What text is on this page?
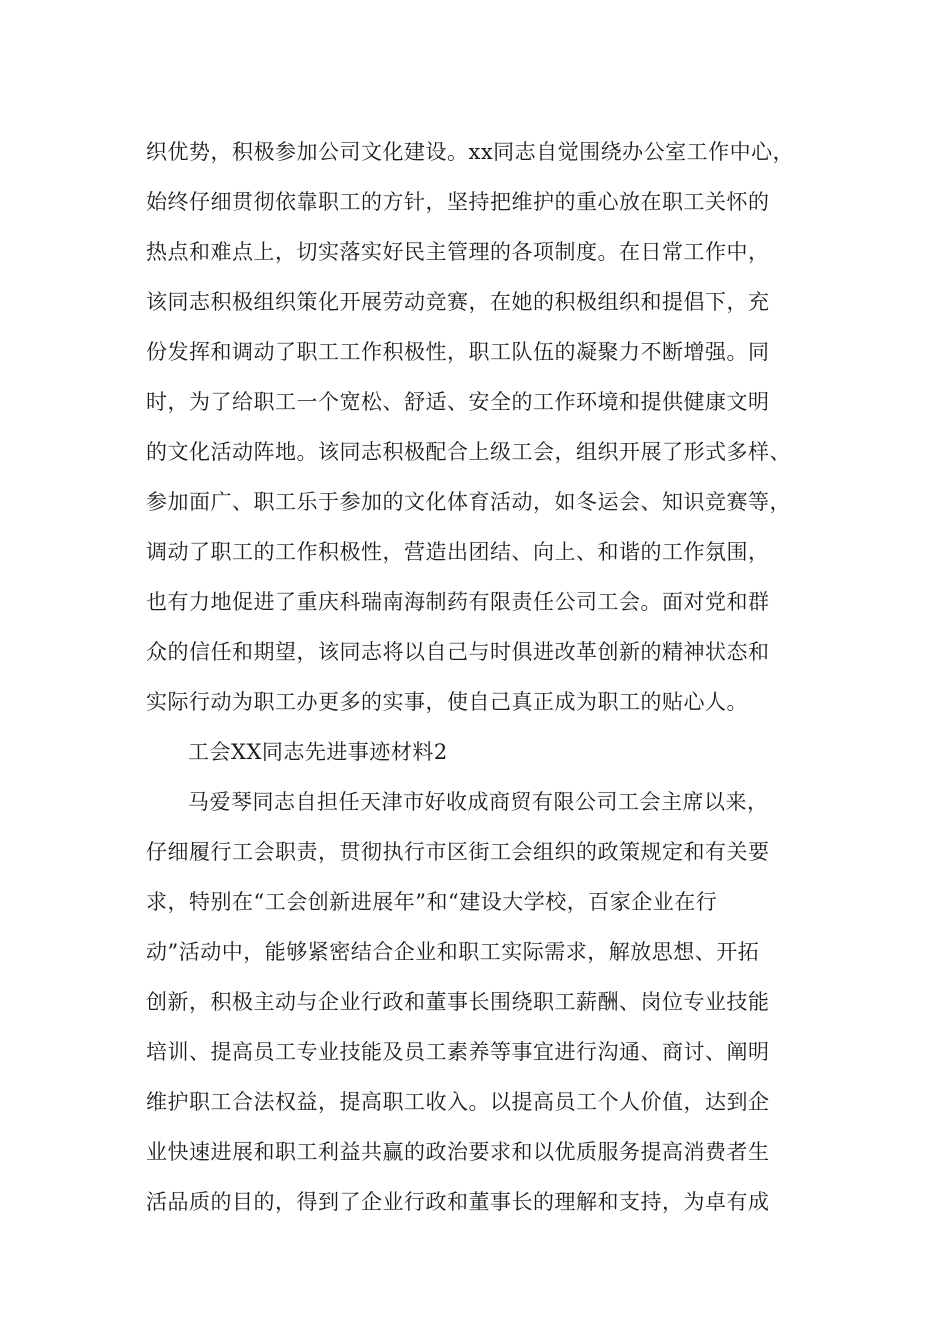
织优势，积极参加公司文化建设。xx同志自觉围绕办公室工作中心，
始终仔细贯彻依靠职工的方针，坚持把维护的重心放在职工关怀的
热点和难点上，切实落实好民主管理的各项制度。在日常工作中，
该同志积极组织策化开展劳动竞赛，在她的积极组织和提倡下，充
份发挥和调动了职工工作积极性，职工队伍的凝聚力不断增强。同
时，为了给职工一个宽松、舒适、安全的工作环境和提供健康文明
的文化活动阵地。该同志积极配合上级工会，组织开展了形式多样、
参加面广、职工乐于参加的文化体育活动，如冬运会、知识竞赛等，
调动了职工的工作积极性，营造出团结、向上、和谐的工作氛围，
也有力地促进了重庆科瑞南海制药有限责任公司工会。面对党和群
众的信任和期望，该同志将以自己与时俱进改革创新的精神状态和
实际行动为职工办更多的实事，使自己真正成为职工的贴心人。
工会XX同志先进事迹材料2
马爱琴同志自担任天津市好收成商贸有限公司工会主席以来，
仔细履行工会职责，贯彻执行市区街工会组织的政策规定和有关要
求，特别在“工会创新进展年”和“建设大学校，百家企业在行
动”活动中，能够紧密结合企业和职工实际需求，解放思想、开拓
创新，积极主动与企业行政和董事长围绕职工薪酬、岗位专业技能
培训、提高员工专业技能及员工素养等事宜进行沟通、商讨、阐明
维护职工合法权益，提高职工收入。以提高员工个人价值，达到企
业快速进展和职工利益共赢的政治要求和以优质服务提高消费者生
活品质的目的，得到了企业行政和董事长的理解和支持，为卓有成
